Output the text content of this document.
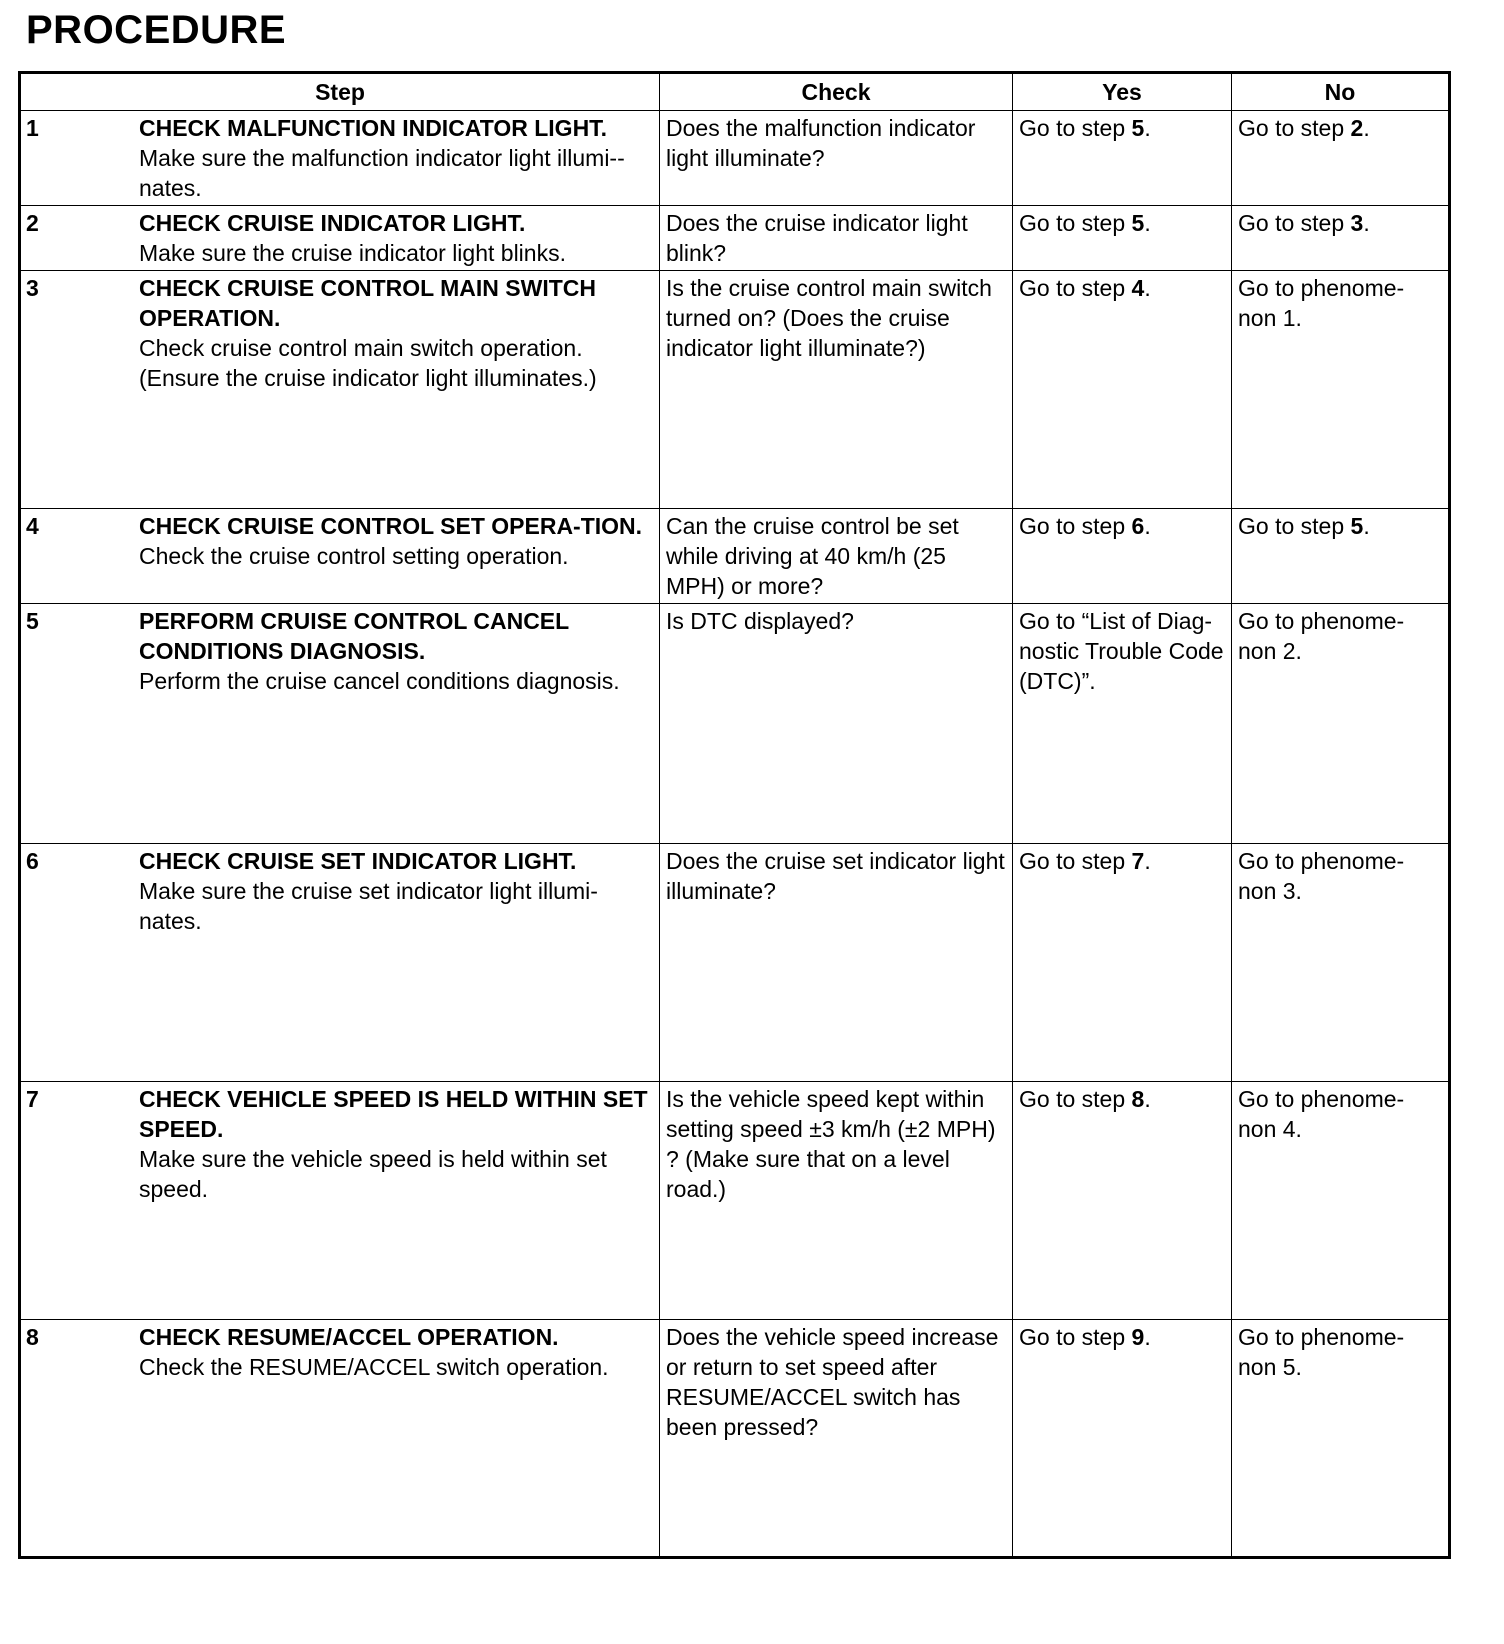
PROCEDURE
Step	Check	Yes	No

1 CHECK MALFUNCTION INDICATOR LIGHT.
Make sure the malfunction indicator light illumi-nates.	Does the malfunction indicator light illuminate?	Go to step 5.	Go to step 2.

2 CHECK CRUISE INDICATOR LIGHT.
Make sure the cruise indicator light blinks.	Does the cruise indicator light blink?	Go to step 5.	Go to step 3.

3 CHECK CRUISE CONTROL MAIN SWITCH OPERATION.
Check cruise control main switch operation. (Ensure the cruise indicator light illuminates.)	Is the cruise control main switch turned on? (Does the cruise indicator light illuminate?)	Go to step 4.	Go to phenome-non 1.

4 CHECK CRUISE CONTROL SET OPERA-TION.
Check the cruise control setting operation.	Can the cruise control be set while driving at 40 km/h (25 MPH) or more?	Go to step 6.	Go to step 5.

5 PERFORM CRUISE CONTROL CANCEL CONDITIONS DIAGNOSIS.
Perform the cruise cancel conditions diagnosis.	Is DTC displayed?	Go to “List of Diag-nostic Trouble Code (DTC)”.	Go to phenome-non 2.

6 CHECK CRUISE SET INDICATOR LIGHT.
Make sure the cruise set indicator light illumi-nates.	Does the cruise set indicator light illuminate?	Go to step 7.	Go to phenome-non 3.

7 CHECK VEHICLE SPEED IS HELD WITHIN SET SPEED.
Make sure the vehicle speed is held within set speed.	Is the vehicle speed kept within setting speed ±3 km/h (±2 MPH) ? (Make sure that on a level road.)	Go to step 8.	Go to phenome-non 4.

8 CHECK RESUME/ACCEL OPERATION.
Check the RESUME/ACCEL switch operation.	Does the vehicle speed increase or return to set speed after RESUME/ACCEL switch has been pressed?	Go to step 9.	Go to phenome-non 5.
